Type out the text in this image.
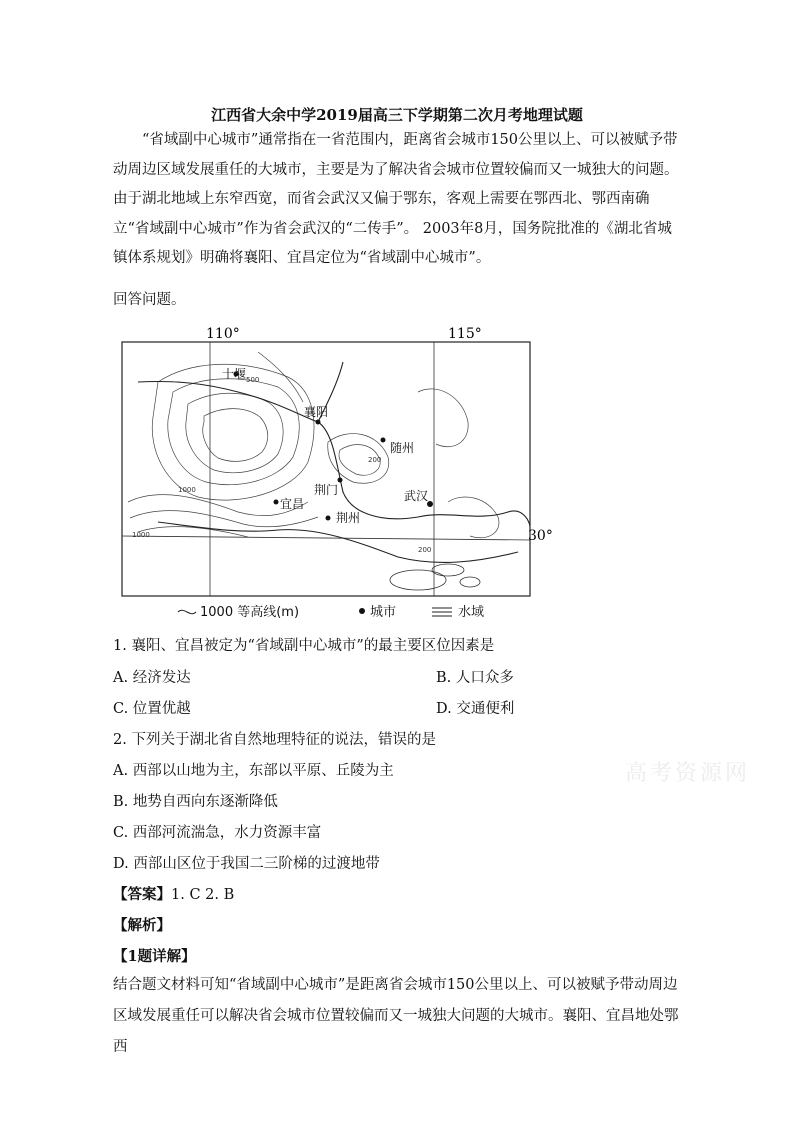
江西省大余中学2019届高三下学期第二次月考地理试题
“省域副中心城市”通常指在一省范围内，距离省会城市150公里以上、可以被赋予带动周边区域发展重任的大城市，主要是为了解决省会城市位置较偏而又一城独大的问题。由于湖北地域上东窄西宽，而省会武汉又偏于鄂东，客观上需要在鄂西北、鄂西南确立“省域副中心城市”作为省会武汉的“二传手”。 2003年8月，国务院批准的《湖北省城镇体系规划》明确将襄阳、宜昌定位为“省域副中心城市”。
回答问题。
110°	115°
30°
十堰
襄阳
随州
荆门
宜昌
荆州
武汉
500
1000
200
1000
200
1000 等高线(m)	城市	水域
1. 襄阳、宜昌被定为“省域副中心城市”的最主要区位因素是
A. 经济发达	B. 人口众多
C. 位置优越	D. 交通便利
2. 下列关于湖北省自然地理特征的说法，错误的是
A. 西部以山地为主，东部以平原、丘陵为主
B. 地势自西向东逐渐降低
C. 西部河流湍急，水力资源丰富
D. 西部山区位于我国二三阶梯的过渡地带
高考资源网
【答案】1. C 2. B
【解析】
【1题详解】
结合题文材料可知“省域副中心城市”是距离省会城市150公里以上、可以被赋予带动周边区域发展重任可以解决省会城市位置较偏而又一城独大问题的大城市。襄阳、宜昌地处鄂西
